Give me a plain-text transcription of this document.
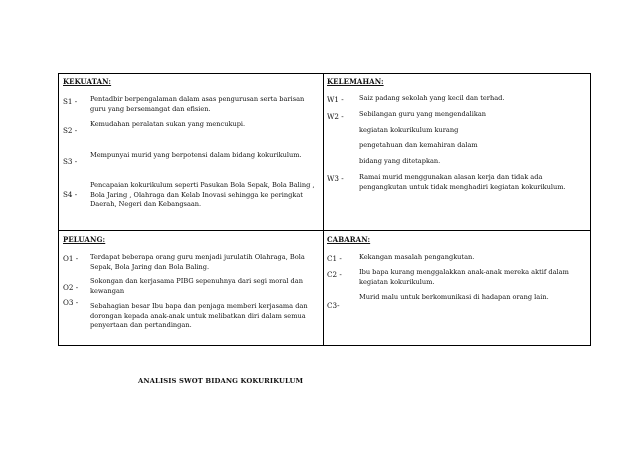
KEKUATAN:
S1 -
S2 -
S3 -
S4 -
Pentadbir berpengalaman dalam asas pengurusan serta barisan guru yang bersemangat dan efisien.
Kemudahan peralatan sukan yang mencukupi.
Mempunyai murid yang berpotensi dalam bidang kokurikulum.
Pencapaian kokurikulum seperti Pasukan Bola Sepak, Bola Baling , Bola Jaring , Olahraga dan Kelab Inovasi sehingga ke peringkat Daerah, Negeri dan Kebangsaan.
KELEMAHAN:
W1 -
W2 -
W3 -
Saiz padang sekolah yang kecil dan terhad.
Sebilangan guru yang mengendalikan
kegiatan kokurikulum kurang
pengetahuan dan kemahiran dalam
bidang yang ditetapkan.
Ramai murid menggunakan alasan kerja dan tidak ada pengangkutan untuk tidak menghadiri kegiatan kokurikulum.
PELUANG:
O1 -
O2 -
O3 -
Terdapat beberapa orang guru menjadi jurulatih Olahraga, Bola Sepak, Bola Jaring dan Bola Baling.
Sokongan dan kerjasama PIBG sepenuhnya dari segi moral dan kewangan
Sebahagian besar Ibu bapa dan penjaga memberi kerjasama dan dorongan kepada anak-anak untuk melibatkan diri dalam semua penyertaan dan pertandingan.
CABARAN:
C1 -
C2 -
C3-
Kekangan masalah pengangkutan.
Ibu bapa kurang menggalakkan anak-anak mereka aktif dalam kegiatan kokurikulum.
Murid malu untuk berkomunikasi di hadapan orang lain.
ANALISIS SWOT BIDANG KOKURIKULUM
